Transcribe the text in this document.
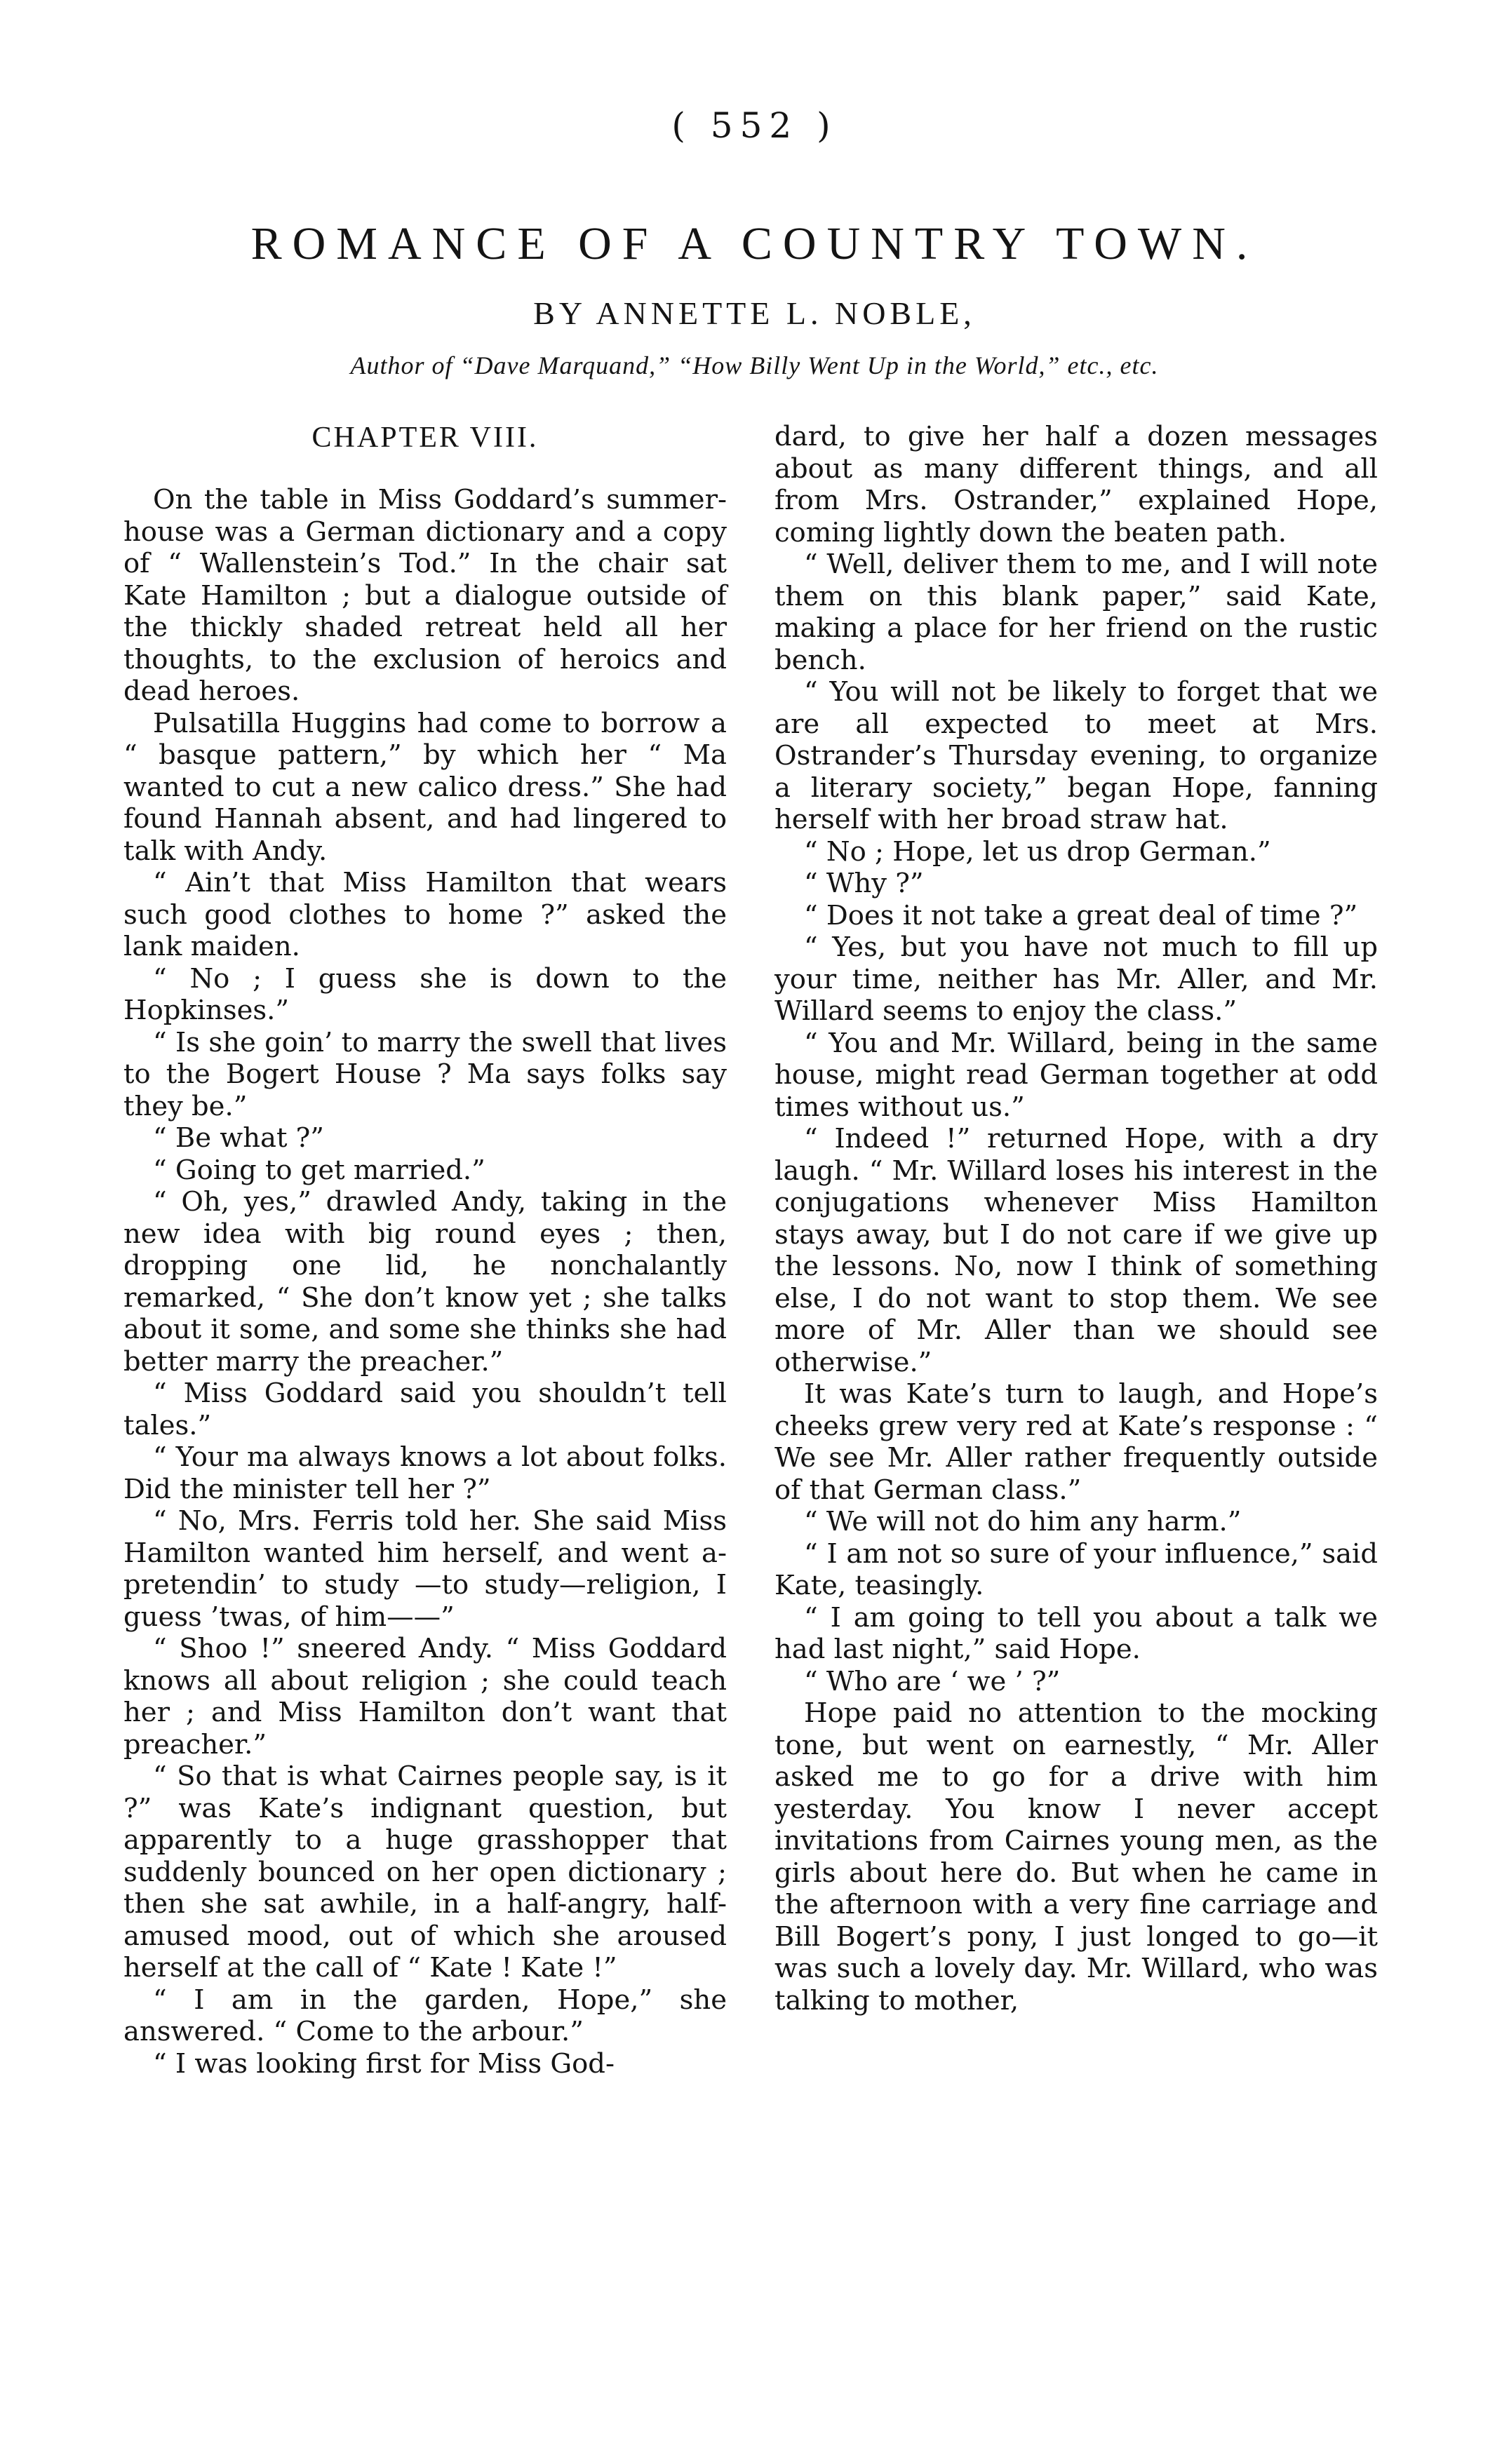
( 552 )
ROMANCE OF A COUNTRY TOWN.
BY ANNETTE L. NOBLE,
Author of “Dave Marquand,” “How Billy Went Up in the World,” etc., etc.
CHAPTER VIII.

On the table in Miss Goddard’s summer-house was a German dictionary and a copy of “ Wallenstein’s Tod.” In the chair sat Kate Hamilton ; but a dialogue outside of the thickly shaded retreat held all her thoughts, to the exclusion of heroics and dead heroes.

Pulsatilla Huggins had come to borrow a “ basque pattern,” by which her “ Ma wanted to cut a new calico dress.” She had found Hannah absent, and had lingered to talk with Andy.

“ Ain’t that Miss Hamilton that wears such good clothes to home ?” asked the lank maiden.

“ No ; I guess she is down to the Hopkinses.”

“ Is she goin’ to marry the swell that lives to the Bogert House ? Ma says folks say they be.”

“ Be what ?”

“ Going to get married.”

“ Oh, yes,” drawled Andy, taking in the new idea with big round eyes ; then, dropping one lid, he nonchalantly remarked, “ She don’t know yet ; she talks about it some, and some she thinks she had better marry the preacher.”

“ Miss Goddard said you shouldn’t tell tales.”

“ Your ma always knows a lot about folks. Did the minister tell her ?”

“ No, Mrs. Ferris told her. She said Miss Hamilton wanted him herself, and went a-pretendin’ to study —to study—religion, I guess ’twas, of him——”

“ Shoo !” sneered Andy. “ Miss Goddard knows all about religion ; she could teach her ; and Miss Hamilton don’t want that preacher.”

“ So that is what Cairnes people say, is it ?” was Kate’s indignant question, but apparently to a huge grasshopper that suddenly bounced on her open dictionary ; then she sat awhile, in a half-angry, half-amused mood, out of which she aroused herself at the call of “ Kate ! Kate !”

“ I am in the garden, Hope,” she answered. “ Come to the arbour.”

“ I was looking first for Miss God-

dard, to give her half a dozen messages about as many different things, and all from Mrs. Ostrander,” explained Hope, coming lightly down the beaten path.

“ Well, deliver them to me, and I will note them on this blank paper,” said Kate, making a place for her friend on the rustic bench.

“ You will not be likely to forget that we are all expected to meet at Mrs. Ostrander’s Thursday evening, to organize a literary society,” began Hope, fanning herself with her broad straw hat.

“ No ; Hope, let us drop German.”

“ Why ?”

“ Does it not take a great deal of time ?”

“ Yes, but you have not much to fill up your time, neither has Mr. Aller, and Mr. Willard seems to enjoy the class.”

“ You and Mr. Willard, being in the same house, might read German together at odd times without us.”

“ Indeed !” returned Hope, with a dry laugh. “ Mr. Willard loses his interest in the conjugations whenever Miss Hamilton stays away, but I do not care if we give up the lessons. No, now I think of something else, I do not want to stop them. We see more of Mr. Aller than we should see otherwise.”

It was Kate’s turn to laugh, and Hope’s cheeks grew very red at Kate’s response : “ We see Mr. Aller rather frequently outside of that German class.”

“ We will not do him any harm.”

“ I am not so sure of your influence,” said Kate, teasingly.

“ I am going to tell you about a talk we had last night,” said Hope.

“ Who are ‘ we ’ ?”

Hope paid no attention to the mocking tone, but went on earnestly, “ Mr. Aller asked me to go for a drive with him yesterday. You know I never accept invitations from Cairnes young men, as the girls about here do. But when he came in the afternoon with a very fine carriage and Bill Bogert’s pony, I just longed to go—it was such a lovely day. Mr. Willard, who was talking to mother,
